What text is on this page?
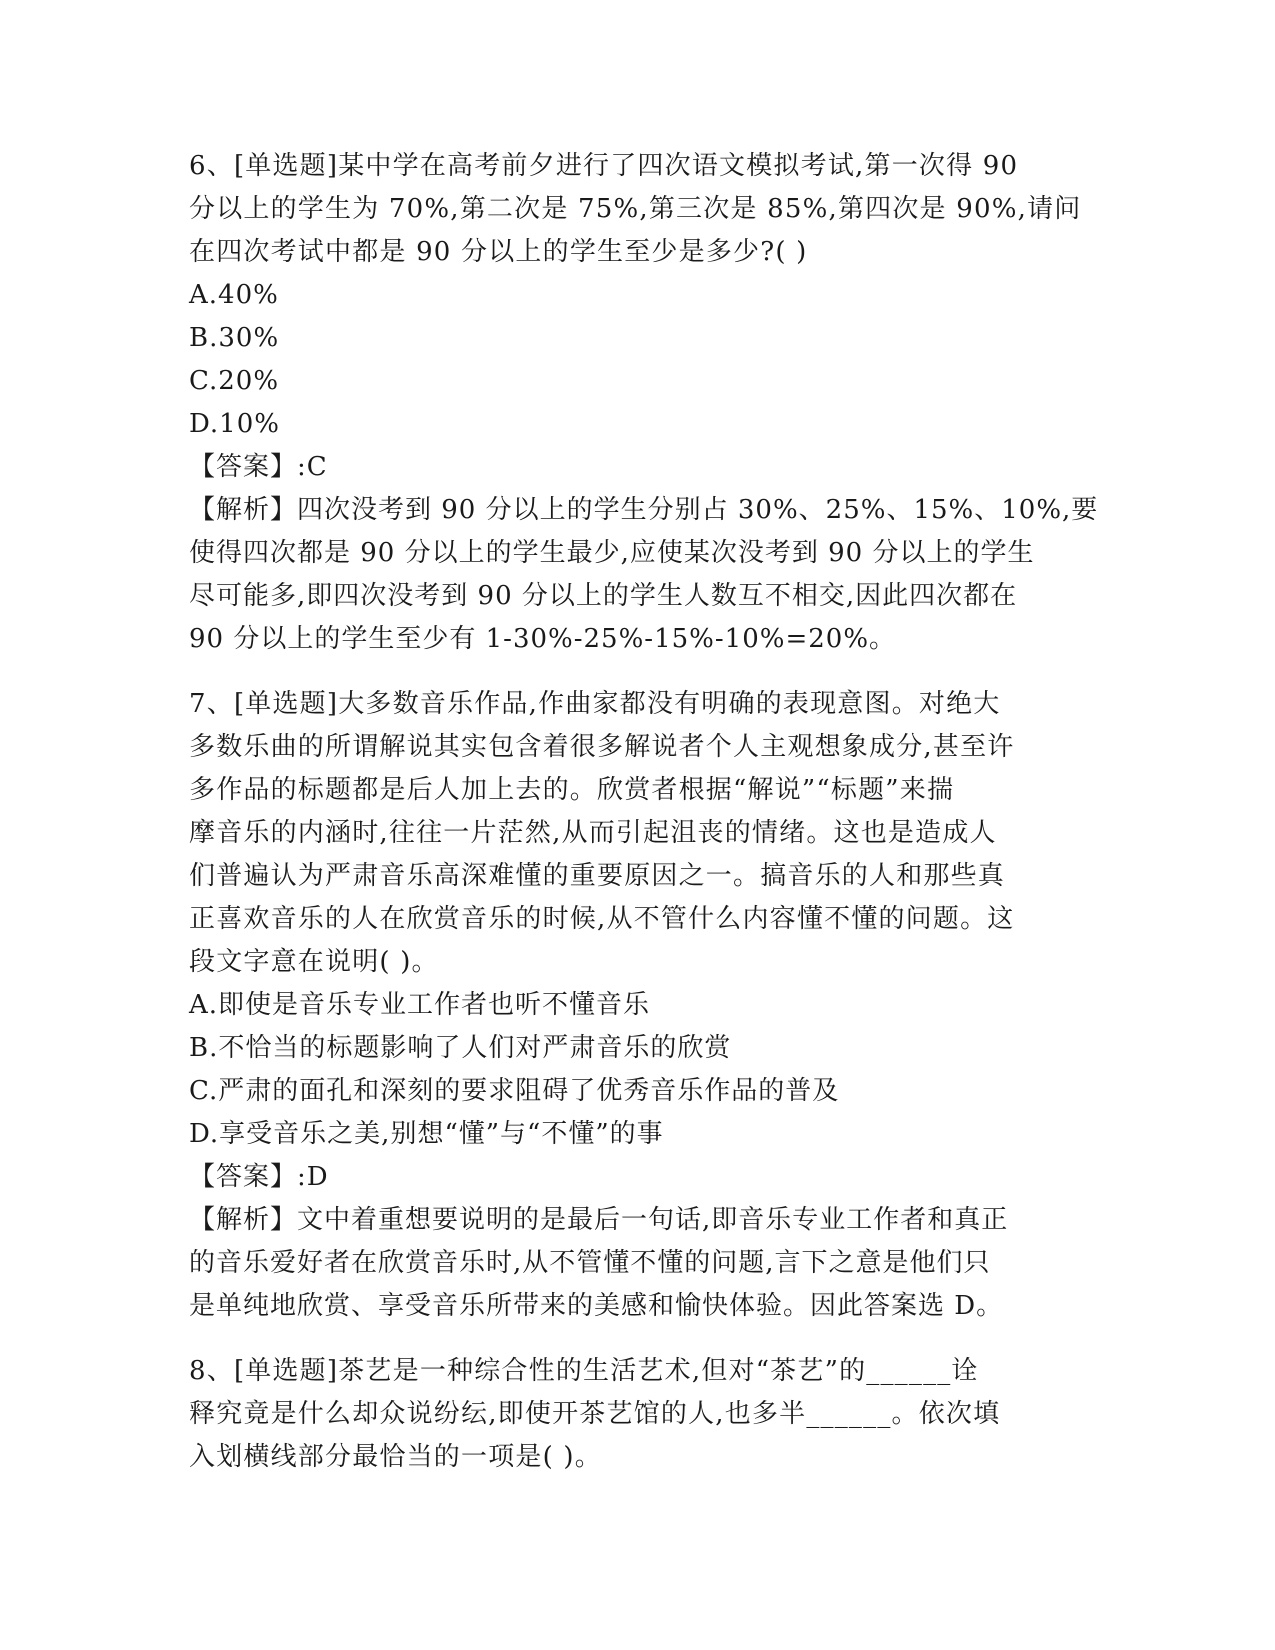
6、[单选题]某中学在高考前夕进行了四次语文模拟考试,第一次得 90
分以上的学生为 70%,第二次是 75%,第三次是 85%,第四次是 90%,请问
在四次考试中都是 90 分以上的学生至少是多少?( )
A.40%
B.30%
C.20%
D.10%
【答案】:C
【解析】四次没考到 90 分以上的学生分别占 30%、25%、15%、10%,要
使得四次都是 90 分以上的学生最少,应使某次没考到 90 分以上的学生
尽可能多,即四次没考到 90 分以上的学生人数互不相交,因此四次都在
90 分以上的学生至少有 1-30%-25%-15%-10%=20%。
7、[单选题]大多数音乐作品,作曲家都没有明确的表现意图。对绝大
多数乐曲的所谓解说其实包含着很多解说者个人主观想象成分,甚至许
多作品的标题都是后人加上去的。欣赏者根据“解说”“标题”来揣
摩音乐的内涵时,往往一片茫然,从而引起沮丧的情绪。这也是造成人
们普遍认为严肃音乐高深难懂的重要原因之一。搞音乐的人和那些真
正喜欢音乐的人在欣赏音乐的时候,从不管什么内容懂不懂的问题。这
段文字意在说明( )。
A.即使是音乐专业工作者也听不懂音乐
B.不恰当的标题影响了人们对严肃音乐的欣赏
C.严肃的面孔和深刻的要求阻碍了优秀音乐作品的普及
D.享受音乐之美,别想“懂”与“不懂”的事
【答案】:D
【解析】文中着重想要说明的是最后一句话,即音乐专业工作者和真正
的音乐爱好者在欣赏音乐时,从不管懂不懂的问题,言下之意是他们只
是单纯地欣赏、享受音乐所带来的美感和愉快体验。因此答案选 D。
8、[单选题]茶艺是一种综合性的生活艺术,但对“茶艺”的______诠
释究竟是什么却众说纷纭,即使开茶艺馆的人,也多半______。依次填
入划横线部分最恰当的一项是( )。
